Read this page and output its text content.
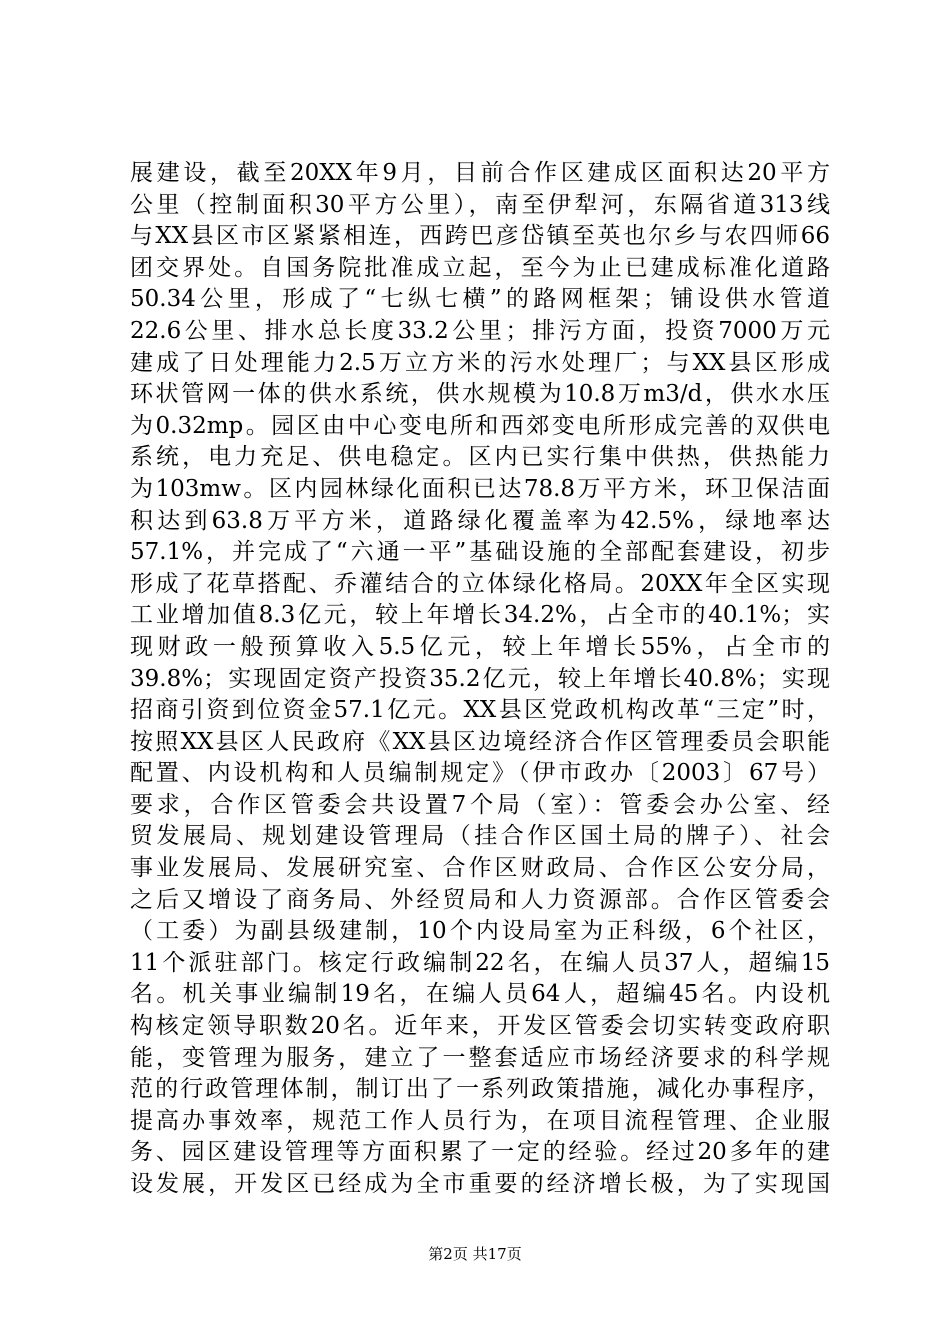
展建设，截至20XX年9月，目前合作区建成区面积达20平方
公里（控制面积30平方公里），南至伊犁河，东隔省道313线
与XX县区市区紧紧相连，西跨巴彦岱镇至英也尔乡与农四师66
团交界处。自国务院批准成立起，至今为止已建成标准化道路
50.34公里，形成了“七纵七横”的路网框架；铺设供水管道
22.6公里、排水总长度33.2公里；排污方面，投资7000万元
建成了日处理能力2.5万立方米的污水处理厂；与XX县区形成
环状管网一体的供水系统，供水规模为10.8万m3/d，供水水压
为0.32mp。园区由中心变电所和西郊变电所形成完善的双供电
系统，电力充足、供电稳定。区内已实行集中供热，供热能力
为103mw。区内园林绿化面积已达78.8万平方米，环卫保洁面
积达到63.8万平方米，道路绿化覆盖率为42.5%，绿地率达
57.1%，并完成了“六通一平”基础设施的全部配套建设，初步
形成了花草搭配、乔灌结合的立体绿化格局。20XX年全区实现
工业增加值8.3亿元，较上年增长34.2%，占全市的40.1%；实
现财政一般预算收入5.5亿元，较上年增长55%，占全市的
39.8%；实现固定资产投资35.2亿元，较上年增长40.8%；实现
招商引资到位资金57.1亿元。XX县区党政机构改革“三定”时，
按照XX县区人民政府《XX县区边境经济合作区管理委员会职能
配置、内设机构和人员编制规定》（伊市政办〔2003〕67号）
要求，合作区管委会共设置7个局（室）：管委会办公室、经
贸发展局、规划建设管理局（挂合作区国土局的牌子）、社会
事业发展局、发展研究室、合作区财政局、合作区公安分局，
之后又增设了商务局、外经贸局和人力资源部。合作区管委会
（工委）为副县级建制，10个内设局室为正科级，6个社区，
11个派驻部门。核定行政编制22名，在编人员37人，超编15
名。机关事业编制19名，在编人员64人，超编45名。内设机
构核定领导职数20名。近年来，开发区管委会切实转变政府职
能，变管理为服务，建立了一整套适应市场经济要求的科学规
范的行政管理体制，制订出了一系列政策措施，减化办事程序，
提高办事效率，规范工作人员行为，在项目流程管理、企业服
务、园区建设管理等方面积累了一定的经验。经过20多年的建
设发展，开发区已经成为全市重要的经济增长极，为了实现国
第2页 共17页
